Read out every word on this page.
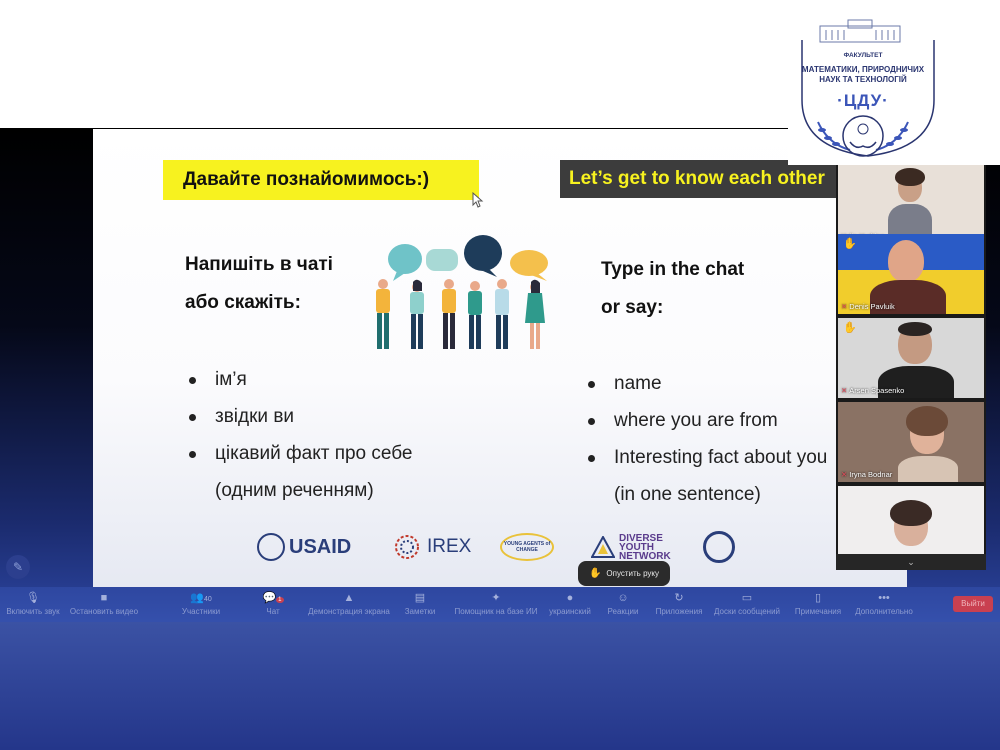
Давайте познайомимось:)	Let’s get to know each other
Напишіть в чаті
або скажіть:
Type in the chat
or say:
ім’я
звідки ви
цікавий факт про себе
(одним реченням)
name
where you are from
Interesting fact about you
(in one sentence)
USAID	IREX	YOUNG AGENTS of CHANGE
DIVERSE
YOUTH
NETWORK
✎	✋ Опустить руку
🎙
Включить звук
■
Остановить видео
👥40
Участники
💬 1
Чат
▲
Демонстрация экрана
▤
Заметки
✦
Помощник на базе ИИ
●
украинский
☺
Реакции
↻
Приложения
▭
Доски сообщений
▯
Примечания
•••
Дополнительно
Выйти
✋
✕ Denis Pavluik
✋
✕ Arsen Spasenko
✕ Iryna Bodnar
⌄
ФАКУЛЬТЕТ
МАТЕМАТИКИ, ПРИРОДНИЧИХ
НАУК ТА ТЕХНОЛОГІЙ
·ЦДУ·
